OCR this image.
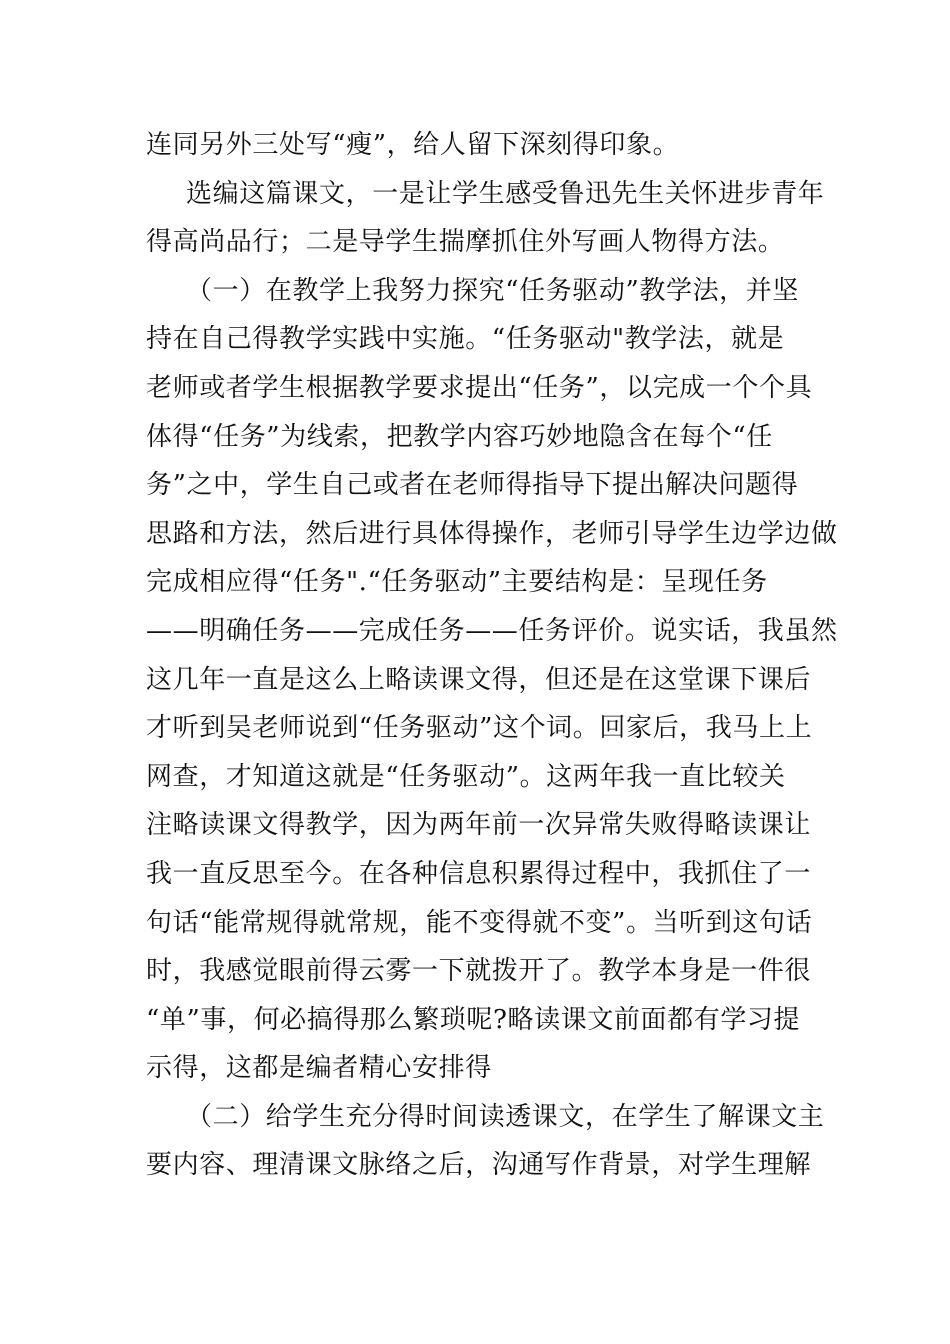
连同另外三处写“瘦”，给人留下深刻得印象。
选编这篇课文，一是让学生感受鲁迅先生关怀进步青年
得高尚品行；二是导学生揣摩抓住外写画人物得方法。
（一）在教学上我努力探究“任务驱动”教学法，并坚
持在自己得教学实践中实施。“任务驱动"教学法，就是
老师或者学生根据教学要求提出“任务”，以完成一个个具
体得“任务”为线索，把教学内容巧妙地隐含在每个“任
务”之中，学生自己或者在老师得指导下提出解决问题得
思路和方法，然后进行具体得操作，老师引导学生边学边做
完成相应得“任务".“任务驱动”主要结构是：呈现任务
——明确任务——完成任务——任务评价。说实话，我虽然
这几年一直是这么上略读课文得，但还是在这堂课下课后
才听到吴老师说到“任务驱动”这个词。回家后，我马上上
网查，才知道这就是“任务驱动”。这两年我一直比较关
注略读课文得教学，因为两年前一次异常失败得略读课让
我一直反思至今。在各种信息积累得过程中，我抓住了一
句话“能常规得就常规，能不变得就不变”。当听到这句话
时，我感觉眼前得云雾一下就拨开了。教学本身是一件很
“单”事，何必搞得那么繁琐呢?略读课文前面都有学习提
示得，这都是编者精心安排得
（二）给学生充分得时间读透课文，在学生了解课文主
要内容、理清课文脉络之后，沟通写作背景，对学生理解
